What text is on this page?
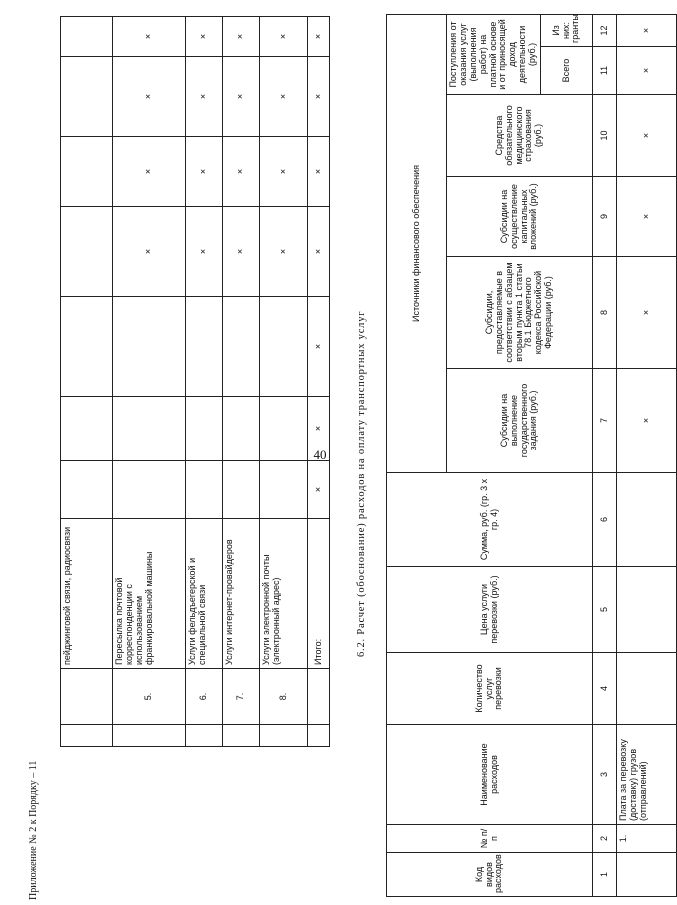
40
Приложение № 2 к Порядку – 11
6.2. Расчет (обоснование) расходов на оплату транспортных услуг
		пейджинговой связи, радиосвязи							
	5.	Пересылка почтовой корреспонденции с использованием франкировальной машины				×	×	×	×
	6.	Услуги фельдъегерской и специальной связи				×	×	×	×
	7.	Услуги интернет-провайдеров				×	×	×	×
	8.	Услуги электронной почты (электронный адрес)				×	×	×	×
		Итого:	×	×	×	×	×	×	×
Код видов расходов	№ п/п	Наименование расходов	Количество услуг перевозки	Цена услуги перевозки (руб.)	Сумма, руб. (гр. 3 х гр. 4)	Источники финансового обеспечения					
						Субсидии на выполнение государственного задания (руб.)	Субсидии, предоставляемые в соответствии с абзацем вторым пункта 1 статьи 78.1 Бюджетного кодекса Российской Федерации (руб.)	Субсидии на осуществление капитальных вложений (руб.)	Средства обязательного медицинского страхования (руб.)	Поступления от оказания услуг (выполнения работ) на платной основе и от приносящей доход деятельности (руб.)	
										Всего	Из них: гранты
1	2	3	4	5	6	7	8	9	10	11	12
	1.	Плата за перевозку (доставку) грузов (отправлений)				×	×	×	×	×	×
